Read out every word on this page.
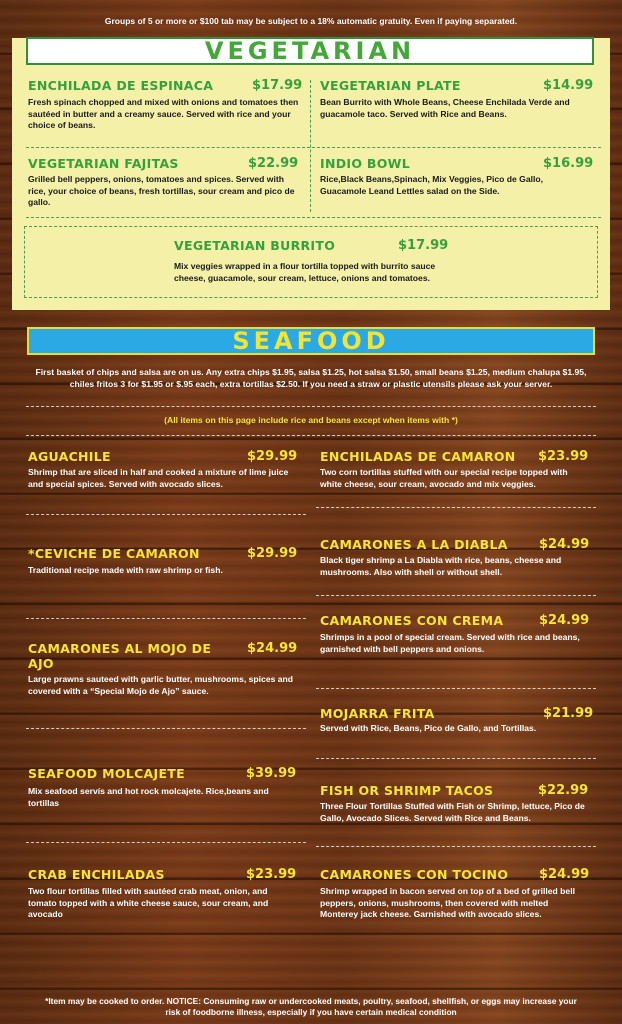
Groups of 5 or more or $100 tab may be subject to a 18% automatic gratuity. Even if paying separated.
VEGETARIAN
ENCHILADA DE ESPINACA	$17.99
Fresh spinach chopped and mixed with onions and tomatoes then sautéed in butter and a creamy sauce. Served with rice and your choice of beans.
VEGETARIAN PLATE	$14.99
Bean Burrito with Whole Beans, Cheese Enchilada Verde and guacamole taco. Served with Rice and Beans.
VEGETARIAN FAJITAS	$22.99
Grilled bell peppers, onions, tomatoes and spices. Served with rice, your choice of beans, fresh tortillas, sour cream and pico de gallo.
INDIO BOWL	$16.99
Rice,Black Beans,Spinach, Mix Veggies, Pico de Gallo, Guacamole Leand Lettles salad on the Side.
VEGETARIAN BURRITO	$17.99
Mix veggies wrapped in a flour tortilla topped with burrito sauce cheese, guacamole, sour cream, lettuce, onions and tomatoes.
SEAFOOD
First basket of chips and salsa are on us. Any extra chips $1.95, salsa $1.25, hot salsa $1.50, small beans $1.25, medium chalupa $1.95, chiles fritos 3 for $1.95 or $.95 each, extra tortillas $2.50. If you need a straw or plastic utensils please ask your server.
(All items on this page include rice and beans except when items with *)
AGUACHILE	$29.99
Shrimp that are sliced in half and cooked a mixture of lime juice and special spices. Served with avocado slices.
*CEVICHE DE CAMARON	$29.99
Traditional recipe made with raw shrimp or fish.
CAMARONES AL MOJO DE AJO
$24.99
Large prawns sauteed with garlic butter, mushrooms, spices and covered with a “Special Mojo de Ajo” sauce.
SEAFOOD MOLCAJETE	$39.99
Mix seafood servís and hot rock molcajete. Rice,beans and tortillas
CRAB ENCHILADAS	$23.99
Two flour tortillas filled with sautéed crab meat, onion, and tomato topped with a white cheese sauce, sour cream, and avocado
ENCHILADAS DE CAMARON $23.99
Two corn tortillas stuffed with our special recipe topped with white cheese, sour cream, avocado and mix veggies.
CAMARONES A LA DIABLA $24.99
Black tiger shrimp a La Diabla with rice, beans, cheese and mushrooms. Also with shell or without shell.
CAMARONES CON CREMA	$24.99
Shrimps in a pool of special cream. Served with rice and beans, garnished with bell peppers and onions.
MOJARRA FRITA	$21.99
Served with Rice, Beans, Pico de Gallo, and Tortillas.
FISH OR SHRIMP TACOS	$22.99
Three Flour Tortillas Stuffed with Fish or Shrimp, lettuce, Pico de Gallo, Avocado Slices. Served with Rice and Beans.
CAMARONES CON TOCINO $24.99
Shrimp wrapped in bacon served on top of a bed of grilled bell peppers, onions, mushrooms, then covered with melted Monterey jack cheese. Garnished with avocado slices.
*Item may be cooked to order. NOTICE: Consuming raw or undercooked meats, poultry, seafood, shellfish, or eggs may increase your risk of foodborne illness, especially if you have certain medical condition
